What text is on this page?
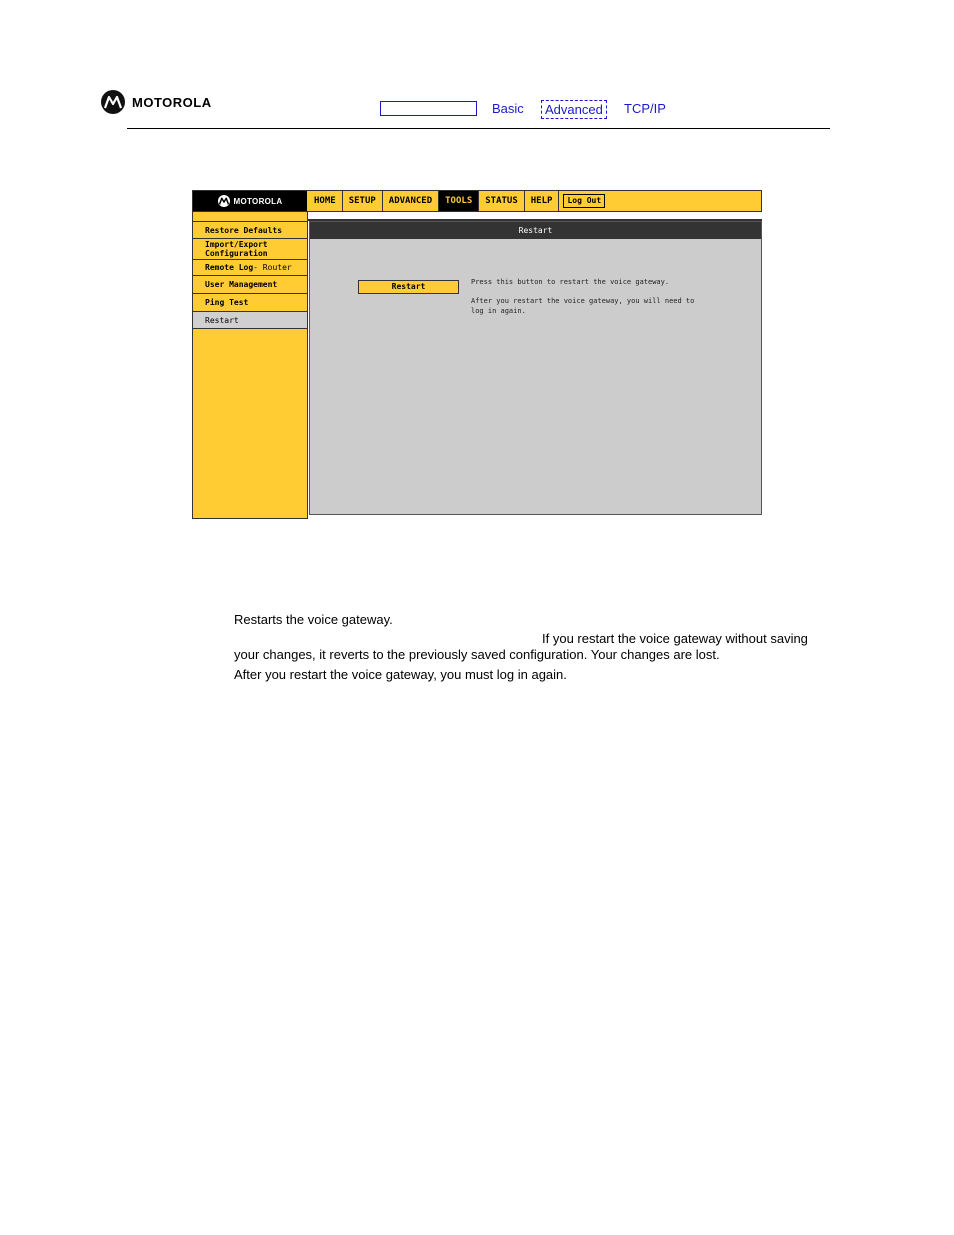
MOTOROLA	Basic	Advanced	TCP/IP
MOTOROLA	HOME	SETUP	ADVANCED	TOOLS	STATUS	HELP	Log Out
Restore Defaults
Import/Export
Configuration
Remote Log - Router
User Management
Ping Test
Restart
Restart
Restart	Press this button to restart the voice gateway.

After you restart the voice gateway, you will need to log in again.

Restarts the voice gateway.
If you restart the voice gateway without saving
your changes, it reverts to the previously saved configuration. Your changes are lost.
After you restart the voice gateway, you must log in again.
